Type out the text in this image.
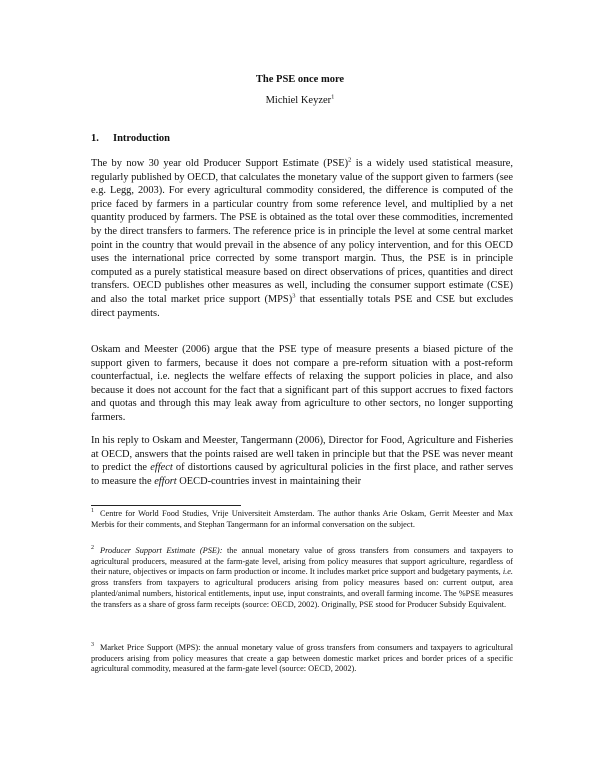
The PSE once more

Michiel Keyzer$^1$

1. Introduction

The by now 30 year old Producer Support Estimate (PSE)$^2$ is a widely used statistical measure, regularly published by OECD, that calculates the monetary value of the support given to farmers (see e.g. Legg, 2003). For every agricultural commodity considered, the difference is computed of the price faced by farmers in a particular country from some reference level, and multiplied by a net quantity produced by farmers. The PSE is obtained as the total over these commodities, incremented by the direct transfers to farmers. The reference price is in principle the level at some central market point in the country that would prevail in the absence of any policy intervention, and for this OECD uses the international price corrected by some transport margin. Thus, the PSE is in principle computed as a purely statistical measure based on direct observations of prices, quantities and direct transfers. OECD publishes other measures as well, including the consumer support estimate (CSE) and also the total market price support (MPS)$^3$ that essentially totals PSE and CSE but excludes direct payments.

Oskam and Meester (2006) argue that the PSE type of measure presents a biased picture of the support given to farmers, because it does not compare a pre-reform situation with a post-reform counterfactual, i.e. neglects the welfare effects of relaxing the support policies in place, and also because it does not account for the fact that a significant part of this support accrues to fixed factors and quotas and through this may leak away from agriculture to other sectors, no longer supporting farmers.

In his reply to Oskam and Meester, Tangermann (2006), Director for Food, Agriculture and Fisheries at OECD, answers that the points raised are well taken in principle but that the PSE was never meant to predict the effect of distortions caused by agricultural policies in the first place, and rather serves to measure the effort OECD-countries invest in maintaining their

$^1$ Centre for World Food Studies, Vrije Universiteit Amsterdam. The author thanks Arie Oskam, Gerrit Meester and Max Merbis for their comments, and Stephan Tangermann for an informal conversation on the subject.

$^2$ Producer Support Estimate (PSE): the annual monetary value of gross transfers from consumers and taxpayers to agricultural producers, measured at the farm-gate level, arising from policy measures that support agriculture, regardless of their nature, objectives or impacts on farm production or income. It includes market price support and budgetary payments, i.e. gross transfers from taxpayers to agricultural producers arising from policy measures based on: current output, area planted/animal numbers, historical entitlements, input use, input constraints, and overall farming income. The %PSE measures the transfers as a share of gross farm receipts (source: OECD, 2002). Originally, PSE stood for Producer Subsidy Equivalent.

$^3$ Market Price Support (MPS): the annual monetary value of gross transfers from consumers and taxpayers to agricultural producers arising from policy measures that create a gap between domestic market prices and border prices of a specific agricultural commodity, measured at the farm-gate level (source: OECD, 2002).
